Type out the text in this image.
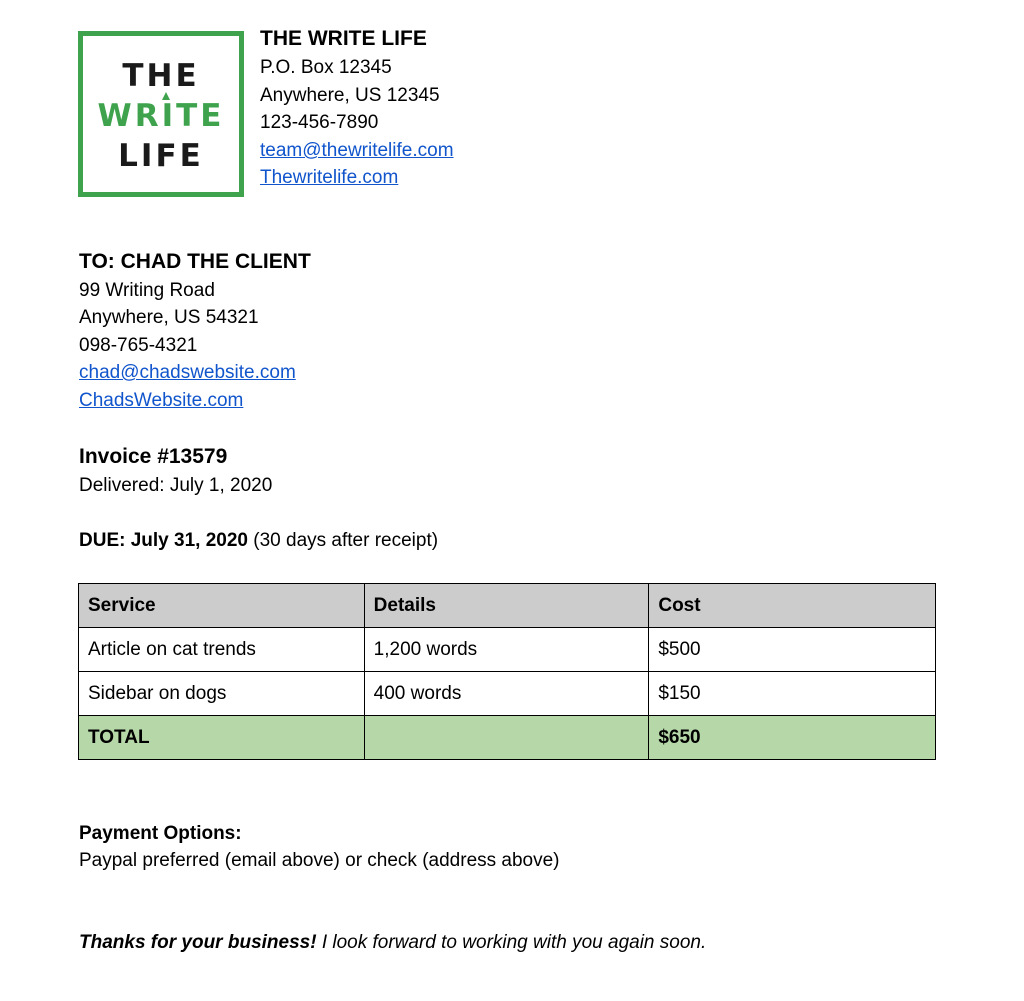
THE
WRITE
LIFE
THE WRITE LIFE
P.O. Box 12345
Anywhere, US 12345
123-456-7890
team@thewritelife.com
Thewritelife.com
TO: CHAD THE CLIENT
99 Writing Road
Anywhere, US 54321
098-765-4321
chad@chadswebsite.com
ChadsWebsite.com
Invoice #13579
Delivered: July 1, 2020
DUE: July 31, 2020 (30 days after receipt)
Service	Details	Cost
Article on cat trends	1,200 words	$500
Sidebar on dogs	400 words	$150
TOTAL		$650
Payment Options:
Paypal preferred (email above) or check (address above)
Thanks for your business! I look forward to working with you again soon.
